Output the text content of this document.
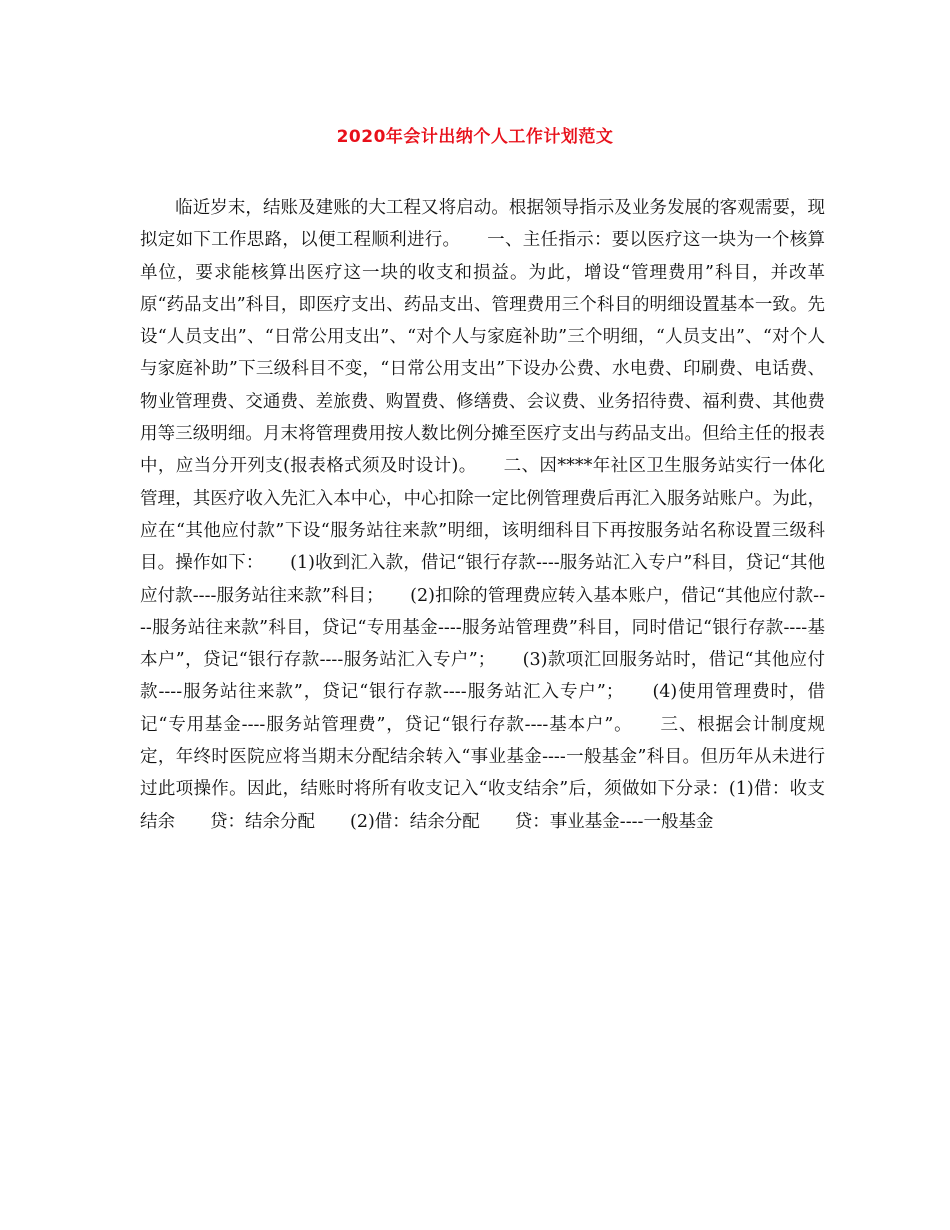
2020年会计出纳个人工作计划范文
　　临近岁末，结账及建账的大工程又将启动。根据领导指示及业务发展的客观需要，现拟定如下工作思路，以便工程顺利进行。　　一、主任指示：要以医疗这一块为一个核算单位，要求能核算出医疗这一块的收支和损益。为此，增设“管理费用”科目，并改革原“药品支出”科目，即医疗支出、药品支出、管理费用三个科目的明细设置基本一致。先设“人员支出”、“日常公用支出”、“对个人与家庭补助”三个明细，“人员支出”、“对个人与家庭补助”下三级科目不变，“日常公用支出”下设办公费、水电费、印刷费、电话费、物业管理费、交通费、差旅费、购置费、修缮费、会议费、业务招待费、福利费、其他费用等三级明细。月末将管理费用按人数比例分摊至医疗支出与药品支出。但给主任的报表中，应当分开列支(报表格式须及时设计)。　　二、因****年社区卫生服务站实行一体化管理，其医疗收入先汇入本中心，中心扣除一定比例管理费后再汇入服务站账户。为此，应在“其他应付款”下设“服务站往来款”明细，该明细科目下再按服务站名称设置三级科目。操作如下：　　(1)收到汇入款，借记“银行存款----服务站汇入专户”科目，贷记“其他应付款----服务站往来款”科目；　　(2)扣除的管理费应转入基本账户，借记“其他应付款----服务站往来款”科目，贷记“专用基金----服务站管理费”科目，同时借记“银行存款----基本户”，贷记“银行存款----服务站汇入专户”；　　(3)款项汇回服务站时，借记“其他应付款----服务站往来款”，贷记“银行存款----服务站汇入专户”；　　(4)使用管理费时，借记“专用基金----服务站管理费”，贷记“银行存款----基本户”。　　三、根据会计制度规定，年终时医院应将当期末分配结余转入“事业基金----一般基金”科目。但历年从未进行过此项操作。因此，结账时将所有收支记入“收支结余”后，须做如下分录：(1)借：收支结余　　贷：结余分配　　(2)借：结余分配　　贷：事业基金----一般基金
